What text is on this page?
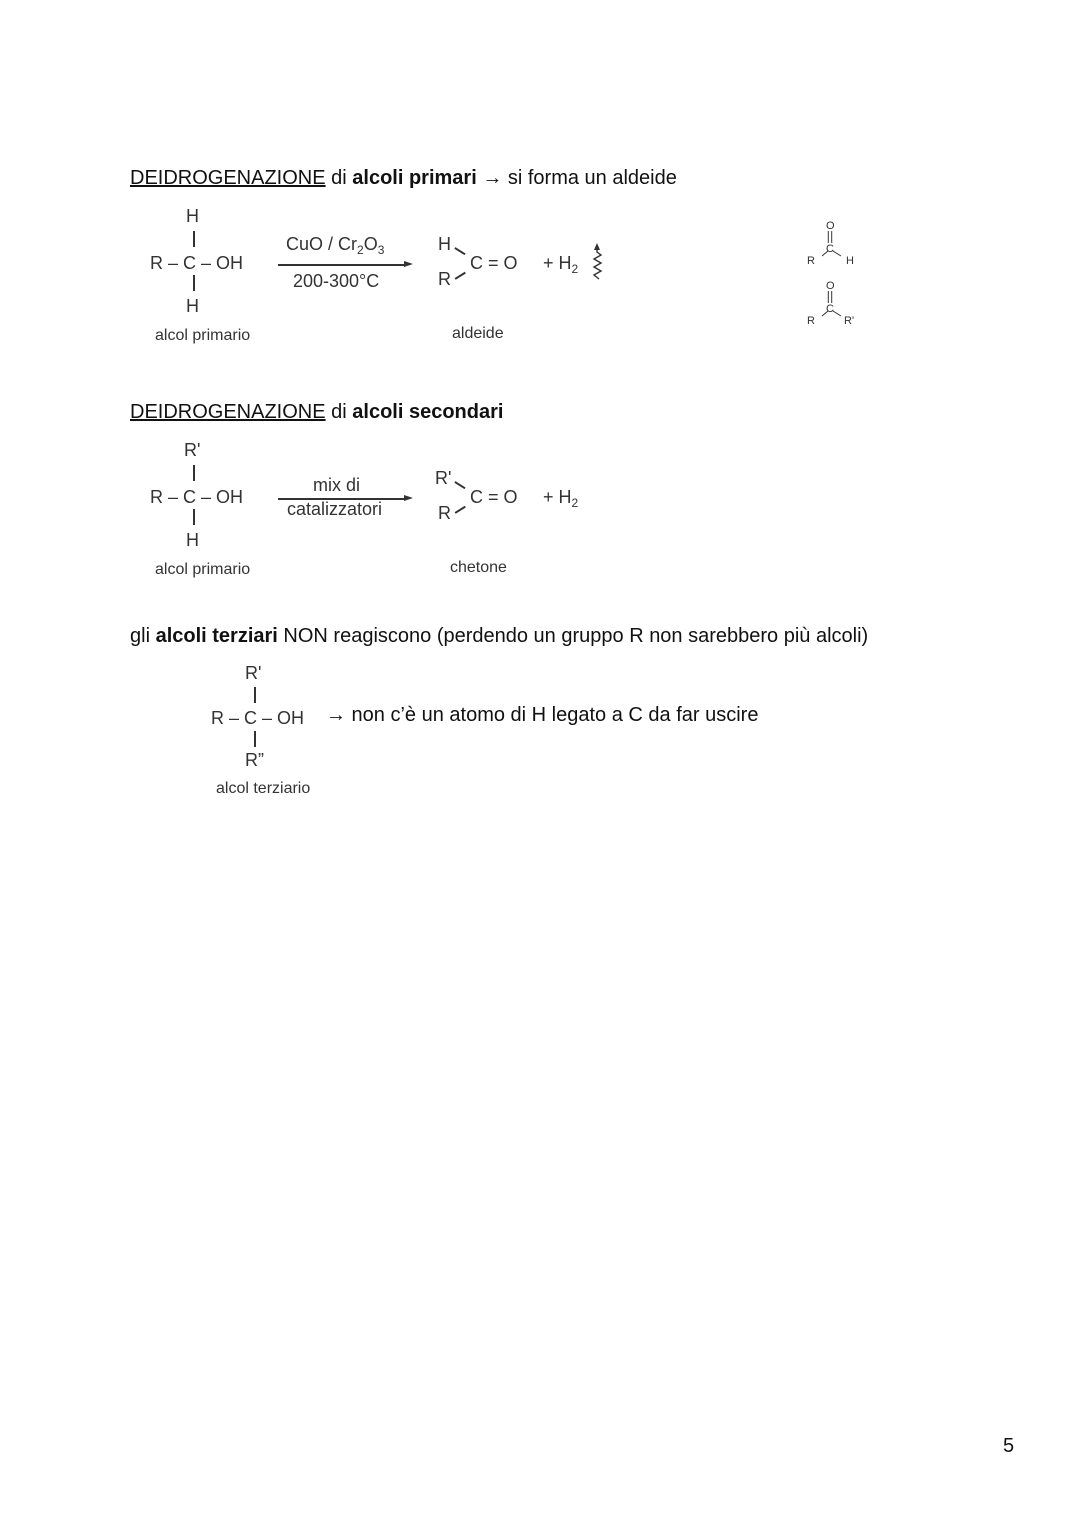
DEIDROGENAZIONE di alcoli primari → si forma un aldeide
H
R – C – OH
H
alcol primario
CuO / $Cr_2O_3$
200-300°C
H
C = O
R
aldeide
+ $H_2$
O
C
R	H
O
C
R	R'
DEIDROGENAZIONE di alcoli secondari
R'
R – C – OH
H
alcol primario
mix di
catalizzatori
R'
C = O
R
chetone
+ $H_2$
gli alcoli terziari NON reagiscono (perdendo un gruppo R non sarebbero più alcoli)
R'
R – C – OH
R”
alcol terziario
→ non c’è un atomo di H legato a C da far uscire
5
